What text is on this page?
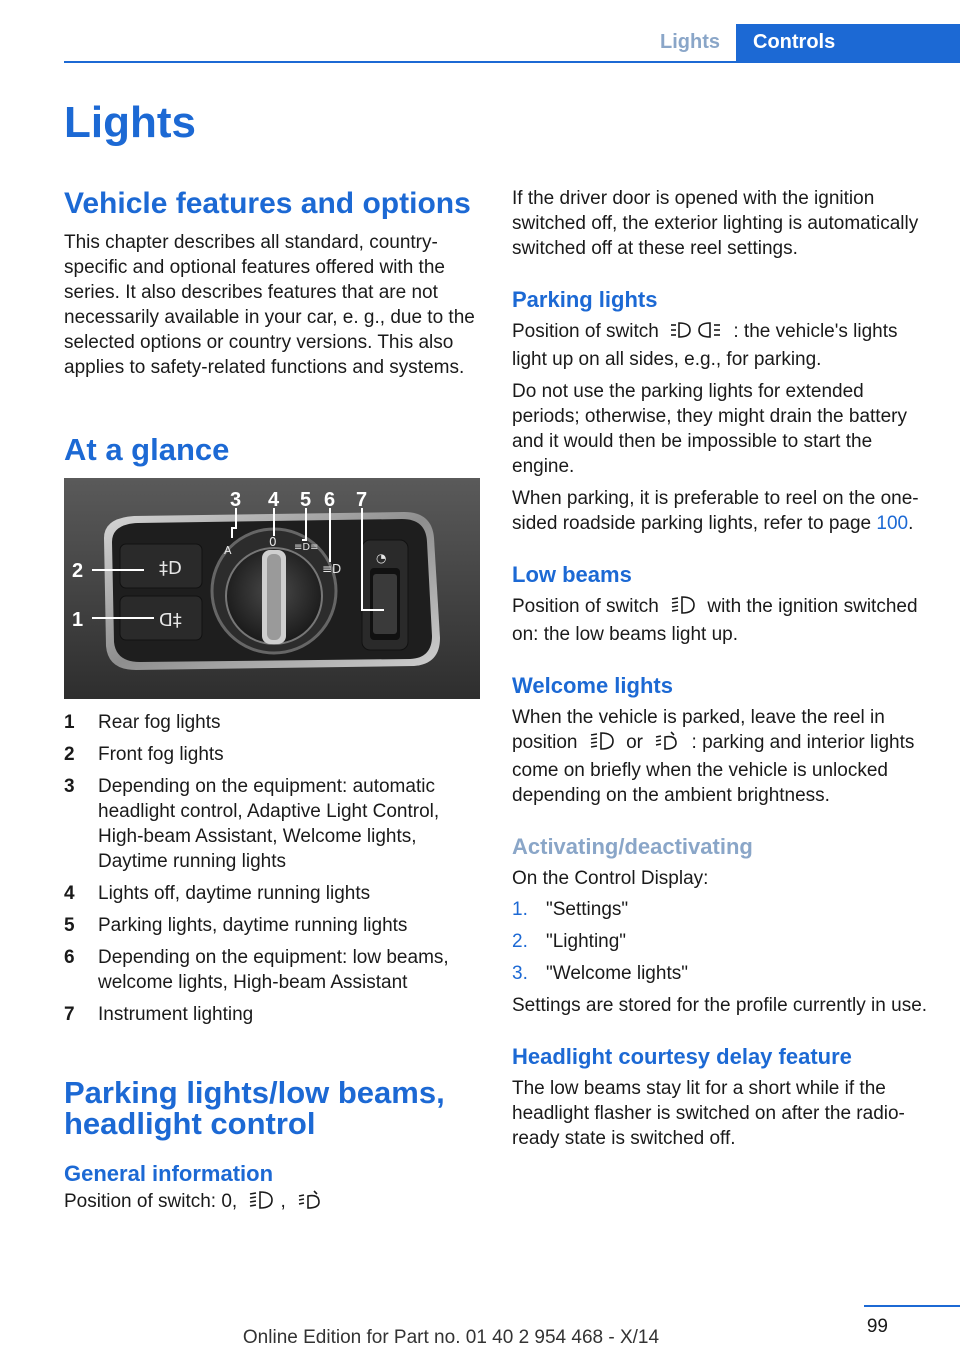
Lights	Controls
Lights
Vehicle features and options

This chapter describes all standard, country-specific and optional features offered with the series. It also describes features that are not necessarily available in your car, e. g., due to the selected options or country versions. This also applies to safety-related functions and systems.

At a glance
‡D
ᗡ‡
A
0 ≡D≡
≡D
◔
2
1
3 4 5 6 7
1	Rear fog lights
2	Front fog lights
3	Depending on the equipment: automatic headlight control, Adaptive Light Control, High-beam Assistant, Welcome lights, Daytime running lights
4	Lights off, daytime running lights
5	Parking lights, daytime running lights
6	Depending on the equipment: low beams, welcome lights, High-beam Assistant
7	Instrument lighting
Parking lights/low beams, headlight control
General information

Position of switch: 0, ,

If the driver door is opened with the ignition switched off, the exterior lighting is automatically switched off at these reel settings.

Parking lights

Position of switch	: the vehicle's lights light up on all sides, e.g., for parking.

Do not use the parking lights for extended periods; otherwise, they might drain the battery and it would then be impossible to start the engine.

When parking, it is preferable to reel on the one-sided roadside parking lights, refer to page 100.

Low beams

Position of switch	with the ignition switched on: the low beams light up.

Welcome lights

When the vehicle is parked, leave the reel in position	or	: parking and interior lights come on briefly when the vehicle is unlocked depending on the ambient brightness.

Activating/deactivating

On the Control Display:

1. "Settings"
2. "Lighting"
3. "Welcome lights"

Settings are stored for the profile currently in use.

Headlight courtesy delay feature

The low beams stay lit for a short while if the headlight flasher is switched on after the radio-ready state is switched off.

99
Online Edition for Part no. 01 40 2 954 468 - X/14
